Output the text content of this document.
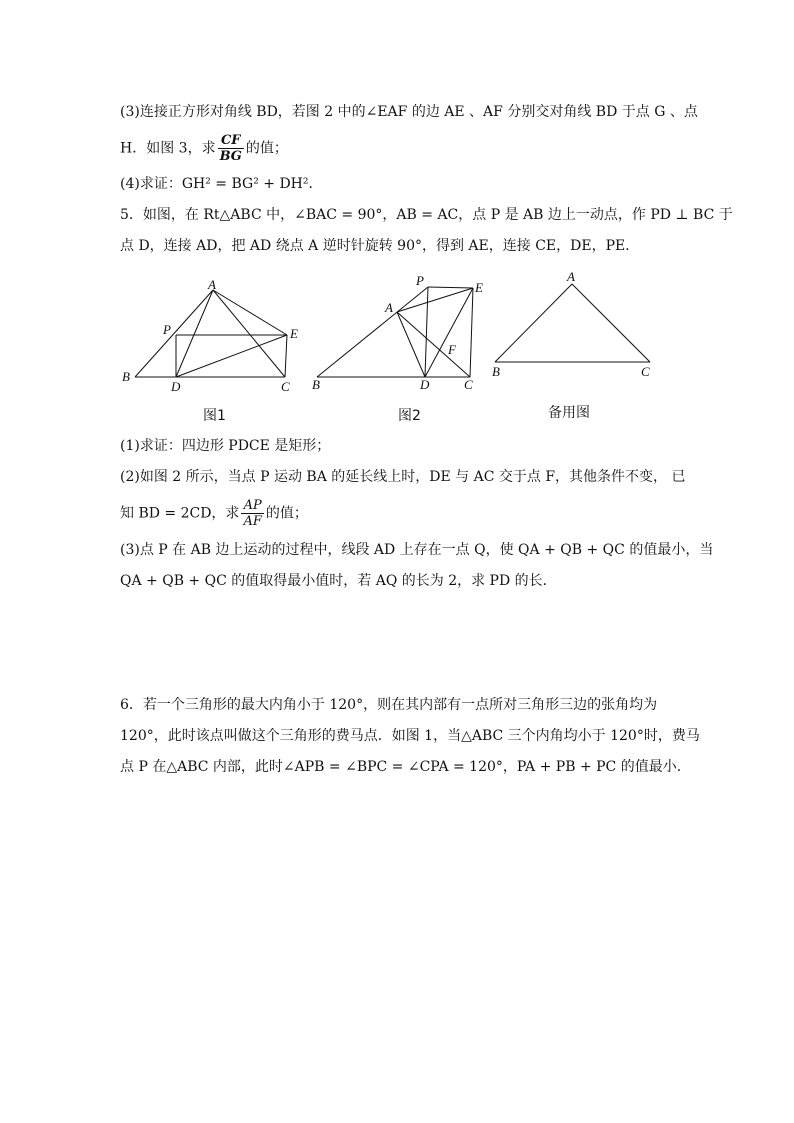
(3)连接正方形对角线 BD，若图 2 中的∠EAF 的边 AE 、AF 分别交对角线 BD 于点 G 、点
H．如图 3，求 $\frac{CF}{BG}$ 的值；
(4)求证：GH² = BG² + DH²．
5．如图，在 Rt△ABC 中，∠BAC = 90°，AB = AC，点 P 是 AB 边上一动点，作 PD ⊥ BC 于
点 D，连接 AD，把 AD 绕点 A 逆时针旋转 90°，得到 AE，连接 CE，DE，PE．
A
P	E
B
D	C
图1
P	E
A
F
B	D	C
图2
A
B	C
备用图
(1)求证：四边形 PDCE 是矩形；
(2)如图 2 所示，当点 P 运动 BA 的延长线上时，DE 与 AC 交于点 F，其他条件不变， 已
知 BD = 2CD，求 $\frac{AP}{AF}$ 的值；
(3)点 P 在 AB 边上运动的过程中，线段 AD 上存在一点 Q，使 QA + QB + QC 的值最小，当
QA + QB + QC 的值取得最小值时，若 AQ 的长为 2，求 PD 的长．
6．若一个三角形的最大内角小于 120°，则在其内部有一点所对三角形三边的张角均为
120°，此时该点叫做这个三角形的费马点．如图 1，当△ABC 三个内角均小于 120°时，费马
点 P 在△ABC 内部，此时∠APB = ∠BPC = ∠CPA = 120°，PA + PB + PC 的值最小．
